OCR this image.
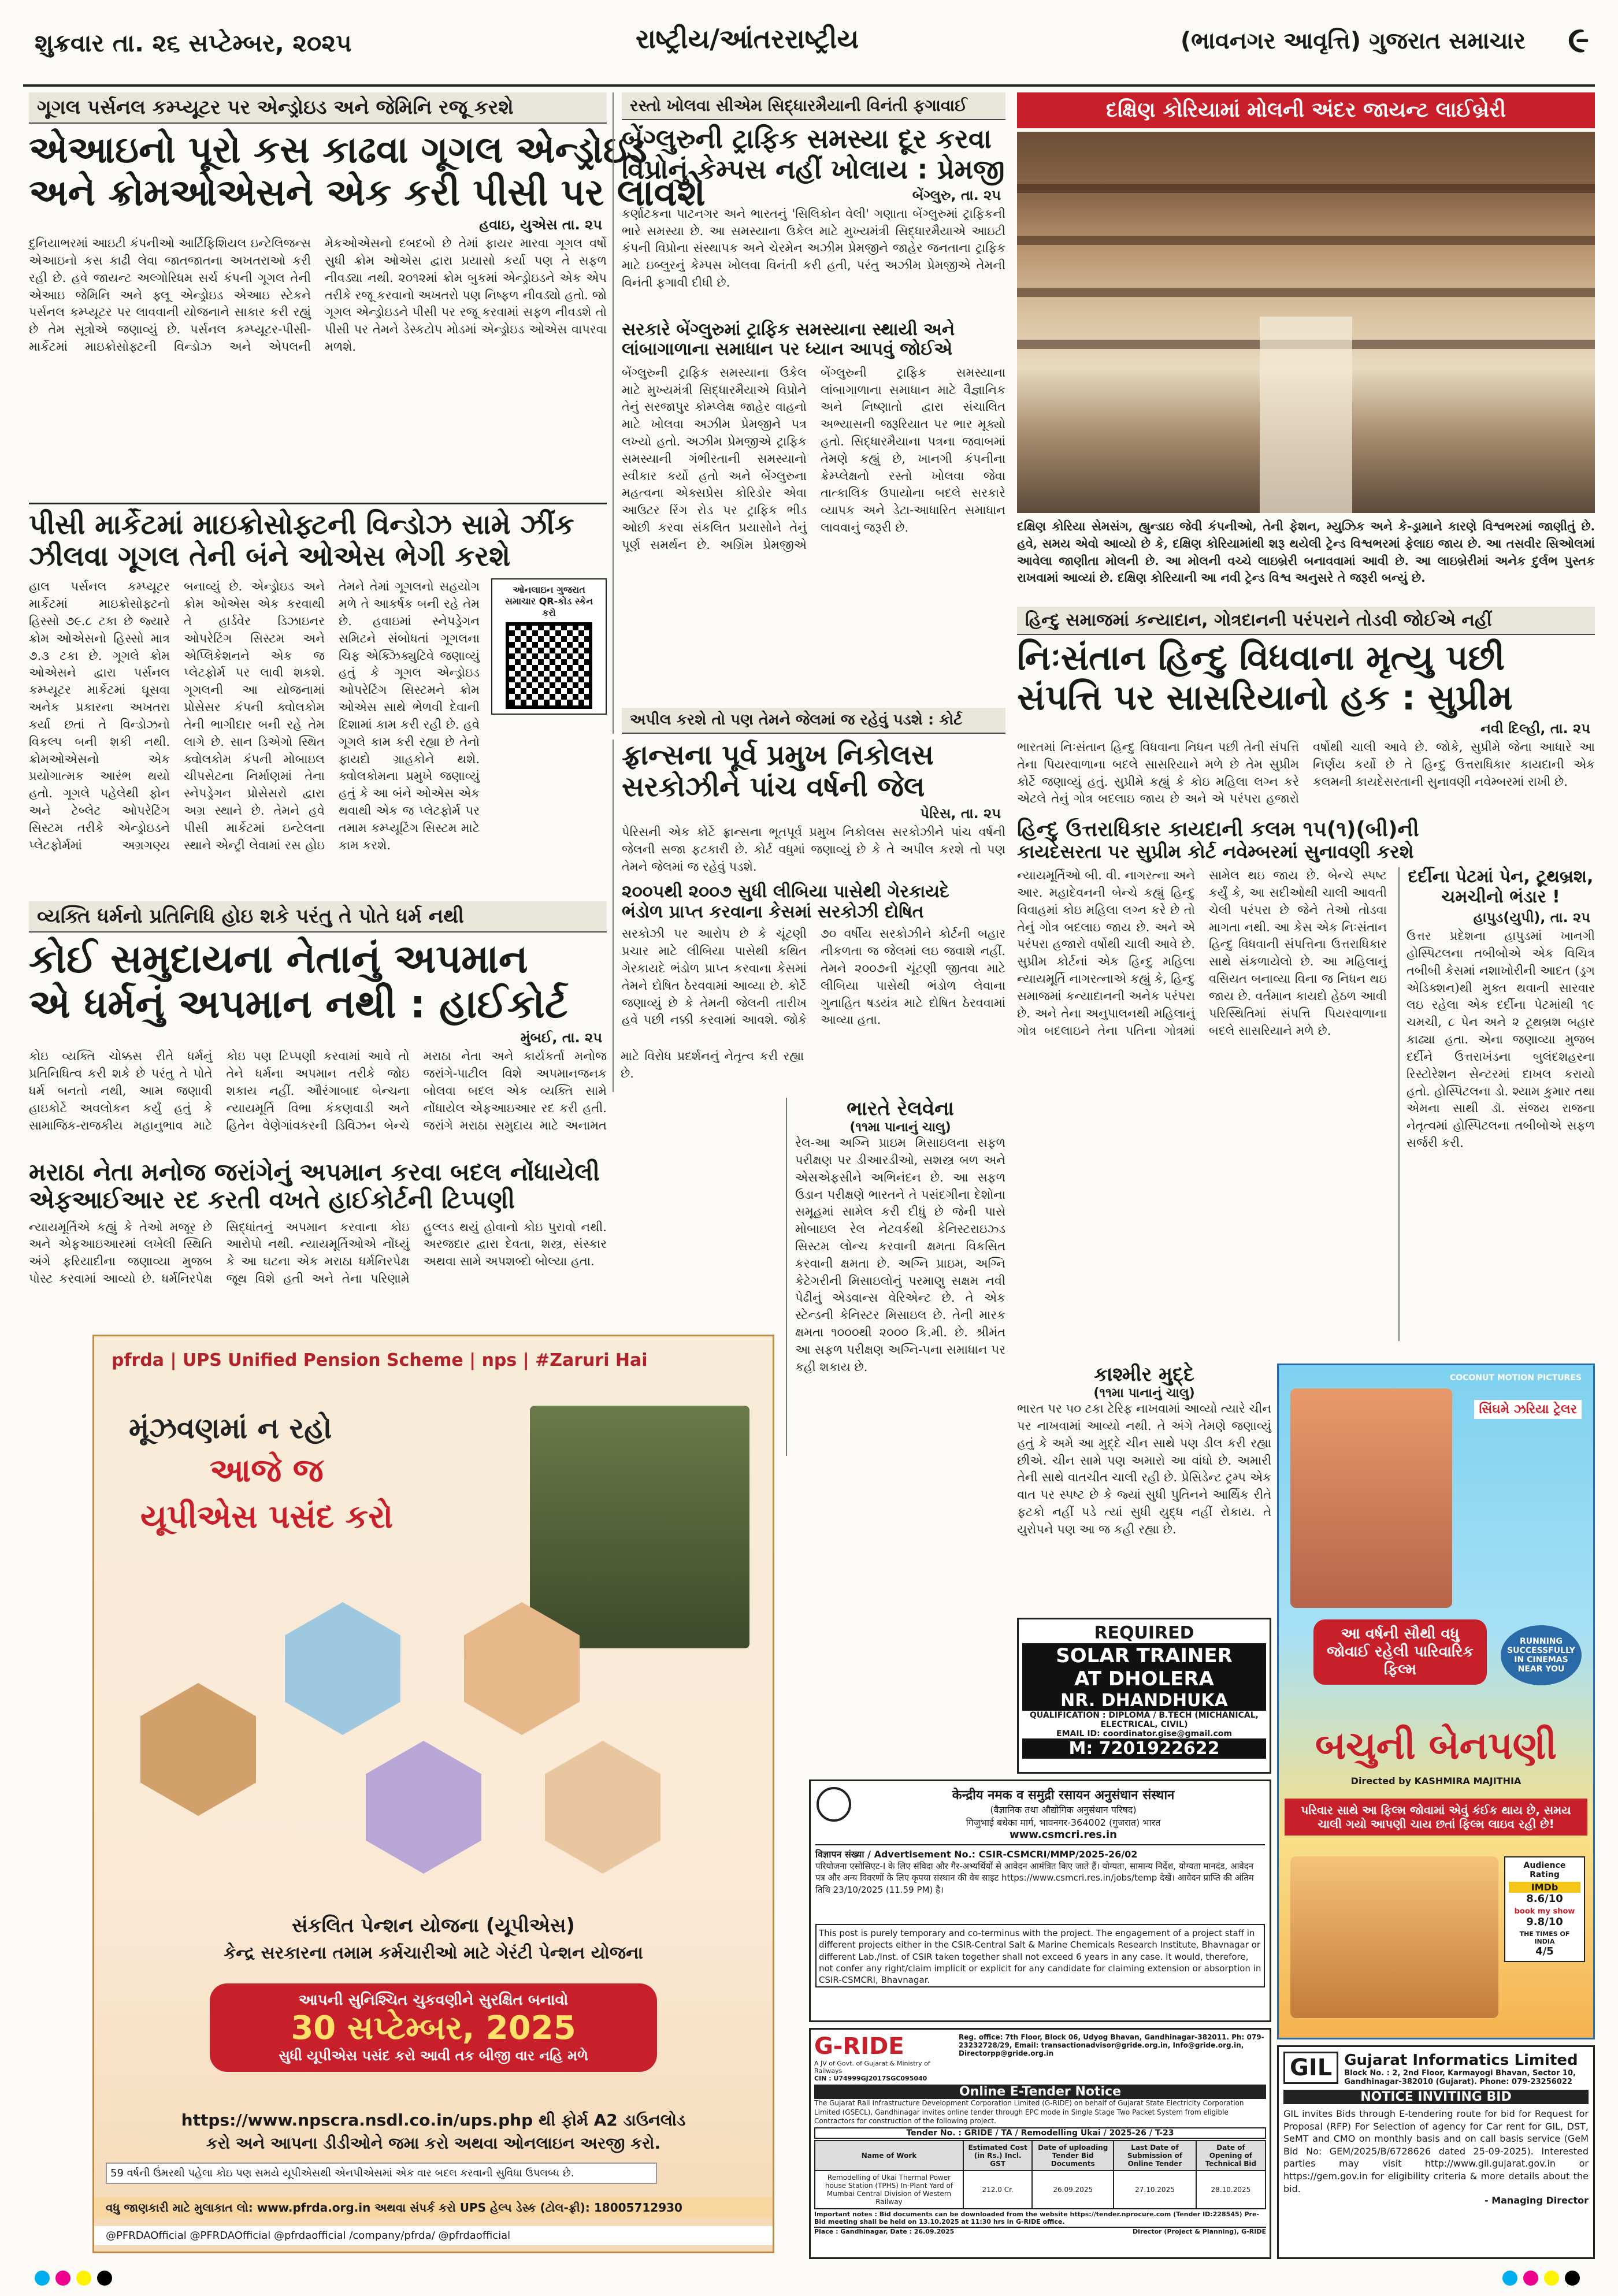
શુક્રવાર તા. ૨૬ સપ્ટેમ્બર, ૨૦૨૫	રાષ્ટ્રીય/આંતરરાષ્ટ્રીય	(ભાવનગર આવૃત્તિ) ગુજરાત સમાચાર ૯
ગૂગલ પર્સનલ કમ્પ્યૂટર પર એન્ડ્રોઇડ અને જેમિનિ રજૂ કરશે
એઆઇનો પૂરો કસ કાઢવા ગૂગલ એન્ડ્રોઇડ
અને ક્રોમઓએસને એક કરી પીસી પર લાવશે
હવાઇ, યુએસ તા. ૨૫
દુનિયાભરમાં આઇટી કંપનીઓ આર્ટિફિશિયલ ઇન્ટેલિજન્સ એઆઇનો કસ કાઢી લેવા જાતજાતના અખતરાઓ કરી રહી છે. હવે જાયન્ટ અલ્ગોરિધમ સર્ચ કંપની ગૂગલ તેની એઆઇ જેમિનિ અને ફ્લૂ એન્ડ્રોઇડ એઆઇ સ્ટેકને પર્સનલ કમ્પ્યૂટર પર લાવવાની યોજનાને સાકાર કરી રહ્યું છે તેમ સૂત્રોએ જણાવ્યું છે. પર્સનલ કમ્પ્યૂટર-પીસી-માર્કેટમાં માઇક્રોસોફ્ટની વિન્ડોઝ અને એપલની મેકઓએસનો દબદબો છે તેમાં ફાયર મારવા ગૂગલ વર્ષો સુધી ક્રોમ ઓએસ દ્વારા પ્રયાસો કર્યા પણ તે સફળ નીવડ્યા નથી. ૨૦૧૨માં ક્રોમ બુકમાં એન્ડ્રોઇડને એક એપ તરીકે રજૂ કરવાનો અખતરો પણ નિષ્ફળ નીવડ્યો હતો. જો ગૂગલ એન્ડ્રોઇડને પીસી પર રજૂ કરવામાં સફળ નીવડશે તો પીસી પર તેમને ડેસ્કટોપ મોડમાં એન્ડ્રોઇડ ઓએસ વાપરવા મળશે.
પીસી માર્કેટમાં માઇક્રોસોફ્ટની વિન્ડોઝ સામે ઝીંક
ઝીલવા ગૂગલ તેની બંને ઓએસ ભેગી કરશે
હાલ પર્સનલ કમ્પ્યૂટર માર્કેટમાં માઇક્રોસોફ્ટનો હિસ્સો ૭૯.૮ ટકા છે જ્યારે ક્રોમ ઓએસનો હિસ્સો માત્ર ૭.૩ ટકા છે. ગૂગલે ક્રોમ ઓએસને દ્વારા પર્સનલ કમ્પ્યૂટર માર્કેટમાં ઘૂસવા અનેક પ્રકારના અખતરા કર્યા છતાં તે વિન્ડોઝનો વિકલ્પ બની શકી નથી. ક્રોમઓએસનો એક પ્રયોગાત્મક આરંભ થયો હતો. ગૂગલે પહેલેથી ફોન અને ટેબ્લેટ ઓપરેટિંગ સિસ્ટમ તરીકે એન્ડ્રોઇડને પ્લેટફોર્મમાં અગ્રગણ્ય બનાવ્યું છે. એન્ડ્રોઇડ અને ક્રોમ ઓએસ એક કરવાથી તે હાર્ડવેર ડિઝાઇનર ઓપરેટિંગ સિસ્ટમ અને એપ્લિકેશનને એક જ પ્લેટફોર્મ પર લાવી શકશે. ગૂગલની આ યોજનામાં પ્રોસેસર કંપની ક્વોલકોમ તેની ભાગીદાર બની રહે તેમ લાગે છે. સાન ડિએગો સ્થિત ક્વોલકોમ કંપની મોબાઇલ ચીપસેટના નિર્માણમાં તેના સ્નેપડ્રેગન પ્રોસેસરો દ્વારા અગ્ર સ્થાને છે. તેમને હવે પીસી માર્કેટમાં ઇન્ટેલના સ્થાને એન્ટ્રી લેવામાં રસ હોઇ તેમને તેમાં ગૂગલનો સહયોગ મળે તે આકર્ષક બની રહે તેમ છે. હવાઇમાં સ્નેપડ્રેગન સમિટને સંબોધતાં ગૂગલના ચિફ એક્ઝિક્યુટિવે જણાવ્યું હતું કે ગૂગલ એન્ડ્રોઇડ ઓપરેટિંગ સિસ્ટમને ક્રોમ ઓએસ સાથે ભેળવી દેવાની દિશામાં કામ કરી રહી છે. હવે ગૂગલે કામ કરી રહ્યા છે તેનો ફાયદો ગ્રાહકોને થશે. ક્વોલકોમના પ્રમુખે જણાવ્યું હતું કે આ બંને ઓએસ એક થવાથી એક જ પ્લેટફોર્મ પર તમામ કમ્પ્યૂટિંગ સિસ્ટમ માટે કામ કરશે.
ઓનલાઇન ગુજરાત સમાચાર QR-કોડ સ્કેન કરો
વ્યક્તિ ધર્મનો પ્રતિનિધિ હોઇ શકે પરંતુ તે પોતે ધર્મ નથી
કોઈ સમુદાયના નેતાનું અપમાન
એ ધર્મનું અપમાન નથી : હાઈકોર્ટ
મુંબઈ, તા. ૨૫
કોઇ વ્યક્તિ ચોક્કસ રીતે ધર્મનું પ્રતિનિધિત્વ કરી શકે છે પરંતુ તે પોતે ધર્મ બનતો નથી, આમ જણાવી હાઇકોર્ટે અવલોકન કર્યું હતું કે સામાજિક-રાજકીય મહાનુભાવ માટે કોઇ પણ ટિપ્પણી કરવામાં આવે તો તેને ધર્મના અપમાન તરીકે જોઇ શકાય નહીં. ઔરંગાબાદ બેન્ચના ન્યાયમૂર્તિ વિભા કંકણવાડી અને હિતેન વેણેગાંવકરની ડિવિઝન બેન્ચે મરાઠા નેતા અને કાર્યકર્તા મનોજ જરાંગે-પાટીલ વિશે અપમાનજનક બોલવા બદલ એક વ્યક્તિ સામે નોંધાયેલ એફઆઇઆર રદ કરી હતી. જરાંગે મરાઠા સમુદાય માટે અનામત માટે વિરોધ પ્રદર્શનનું નેતૃત્વ કરી રહ્યા છે.
મરાઠા નેતા મનોજ જરાંગેનું અપમાન કરવા બદલ નોંધાયેલી
એફઆઈઆર રદ કરતી વખતે હાઈકોર્ટની ટિપ્પણી
ન્યાયમૂર્તિએ કહ્યું કે તેઓ મજૂર છે અને એફઆઇઆરમાં લખેલી સ્થિતિ અંગે ફરિયાદીના જણાવ્યા મુજબ પોસ્ટ કરવામાં આવ્યો છે. ધર્મનિરપેક્ષ સિદ્ધાંતનું અપમાન કરવાના કોઇ આરોપો નથી. ન્યાયમૂર્તિઓએ નોંધ્યું કે આ ઘટના એક મરાઠા ધર્મનિરપેક્ષ જૂથ વિશે હતી અને તેના પરિણામે હુલ્લડ થયું હોવાનો કોઇ પુરાવો નથી. અરજદાર દ્વારા દેવતા, શસ્ત્ર, સંસ્કાર અથવા સામે અપશબ્દો બોલ્યા હતા.
pfrda | UPS Unified Pension Scheme | nps | #Zaruri Hai
મૂંઝવણમાં ન રહો
આજે જ
યૂપીએસ પસંદ કરો
સંકલિત પેન્શન યોજના (યૂપીએસ)
કેન્દ્ર સરકારના તમામ કર્મચારીઓ માટે ગેરંટી પેન્શન યોજના
આપની સુનિશ્ચિત ચુકવણીને સુરક્ષિત બનાવો
30 સપ્ટેમ્બર, 2025
સુધી યૂપીએસ પસંદ કરો આવી તક બીજી વાર નહિ મળે
https://www.npscra.nsdl.co.in/ups.php થી ફોર્મ A2 ડાઉનલોડ
કરો અને આપના ડીડીઓને જમા કરો અથવા ઓનલાઇન અરજી કરો.
59 વર્ષની ઉંમરથી પહેલા કોઇ પણ સમયે યૂપીએસથી એનપીએસમાં એક વાર બદલ કરવાની સુવિધા ઉપલબ્ધ છે.
વધુ જાણકારી માટે મુલાકાત લો: www.pfrda.org.in અથવા સંપર્ક કરો UPS હેલ્પ ડેસ્ક (ટોલ-ફ્રી): 18005712930
@PFRDAOfficial @PFRDAOfficial @pfrdaofficial /company/pfrda/ @pfrdaofficial
રસ્તો ખોલવા સીએમ સિદ્ધારમૈયાની વિનંતી ફગાવાઈ
બેંગ્લુરુની ટ્રાફિક સમસ્યા દૂર કરવા
વિપ્રોનું કેમ્પસ નહીં ખોલાય : પ્રેમજી
બેંગ્લુરુ, તા. ૨૫
કર્ણાટકના પાટનગર અને ભારતનું 'સિલિકોન વેલી' ગણાતા બેંગ્લુરુમાં ટ્રાફિકની ભારે સમસ્યા છે. આ સમસ્યાના ઉકેલ માટે મુખ્યમંત્રી સિદ્ધારમૈયાએ આઇટી કંપની વિપ્રોના સંસ્થાપક અને ચેરમેન અઝીમ પ્રેમજીને જાહેર જનતાના ટ્રાફિક માટે ઇબ્લુરનું કેમ્પસ ખોલવા વિનંતી કરી હતી, પરંતુ અઝીમ પ્રેમજીએ તેમની વિનંતી ફગાવી દીધી છે.
સરકારે બેંગ્લુરુમાં ટ્રાફિક સમસ્યાના સ્થાયી અને
લાંબાગાળાના સમાધાન પર ધ્યાન આપવું જોઈએ
બેંગ્લુરુની ટ્રાફિક સમસ્યાના ઉકેલ માટે મુખ્યમંત્રી સિદ્ધારમૈયાએ વિપ્રોને તેનું સરજાપુર કોમ્પ્લેક્ષ જાહેર વાહનો માટે ખોલવા અઝીમ પ્રેમજીને પત્ર લખ્યો હતો. અઝીમ પ્રેમજીએ ટ્રાફિક સમસ્યાની ગંભીરતાની સમસ્યાનો સ્વીકાર કર્યો હતો અને બેંગ્લુરુના મહત્વના એક્સપ્રેસ કોરિડોર એવા આઉટર રિંગ રોડ પર ટ્રાફિક ભીડ ઓછી કરવા સંકલિત પ્રયાસોને તેનું પૂર્ણ સમર્થન છે. અગ્રિમ પ્રેમજીએ બેંગ્લુરુની ટ્રાફિક સમસ્યાના લાંબાગાળાના સમાધાન માટે વૈજ્ઞાનિક અને નિષ્ણાતો દ્વારા સંચાલિત અભ્યાસની જરૂરિયાત પર ભાર મૂક્યો હતો. સિદ્ધારમૈયાના પત્રના જવાબમાં તેમણે કહ્યું છે, ખાનગી કંપનીના ક્રેમ્પ્લેક્ષનો રસ્તો ખોલવા જેવા તાત્કાલિક ઉપાયોના બદલે સરકારે વ્યાપક અને ડેટા-આધારિત સમાધાન લાવવાનું જરૂરી છે.
અપીલ કરશે તો પણ તેમને જેલમાં જ રહેવું પડશે : કોર્ટ
ફ્રાન્સના પૂર્વ પ્રમુખ નિકોલસ
સરકોઝીને પાંચ વર્ષની જેલ
પેરિસ, તા. ૨૫
પેરિસની એક કોર્ટે ફ્રાન્સના ભૂતપૂર્વ પ્રમુખ નિકોલસ સરકોઝીને પાંચ વર્ષની જેલની સજા ફટકારી છે. કોર્ટ વધુમાં જણાવ્યું છે કે તે અપીલ કરશે તો પણ તેમને જેલમાં જ રહેવું પડશે.
૨૦૦૫થી ૨૦૦૭ સુધી લીબિયા પાસેથી ગેરકાયદે
ભંડોળ પ્રાપ્ત કરવાના કેસમાં સરકોઝી દોષિત
સરકોઝી પર આરોપ છે કે ચૂંટણી પ્રચાર માટે લીબિયા પાસેથી કથિત ગેરકાયદે ભંડોળ પ્રાપ્ત કરવાના કેસમાં તેમને દોષિત ઠેરવવામાં આવ્યા છે. કોર્ટે જણાવ્યું છે કે તેમની જેલની તારીખ હવે પછી નક્કી કરવામાં આવશે. જોકે ૭૦ વર્ષીય સરકોઝીને કોર્ટની બહાર નીકળતા જ જેલમાં લઇ જવાશે નહીં. તેમને ૨૦૦૭ની ચૂંટણી જીતવા માટે લીબિયા પાસેથી ભંડોળ લેવાના ગુનાહિત ષડયંત્ર માટે દોષિત ઠેરવવામાં આવ્યા હતા.
ભારતે રેલવેના
(૧૧મા પાનાનું ચાલુ)
રેલ-આ અગ્નિ પ્રાઇમ મિસાઇલના સફળ પરીક્ષણ પર ડીઆરડીઓ, સશસ્ત્ર બળ અને એસએફસીને અભિનંદન છે. આ સફળ ઉડાન પરીક્ષણે ભારતને તે પસંદગીના દેશોના સમૂહમાં સામેલ કરી દીધું છે જેની પાસે મોબાઇલ રેલ નેટવર્કથી કેનિસ્ટરાઇઝ્ડ સિસ્ટમ લોન્ચ કરવાની ક્ષમતા વિકસિત કરવાની ક્ષમતા છે. અગ્નિ પ્રાઇમ, અગ્નિ કેટેગરીની મિસાઇલોનું પરમાણુ સક્ષમ નવી પેઢીનું એડવાન્સ વેરિએન્ટ છે. તે એક સ્ટેન્ડની કેનિસ્ટર મિસાઇલ છે. તેની મારક ક્ષમતા ૧૦૦૦થી ૨૦૦૦ કિ.મી. છે. શ્રીમંત આ સફળ પરીક્ષણ અગ્નિ-૫ના સમાધાન પર કહી શકાય છે.
દક્ષિણ કોરિયામાં મોલની અંદર જાયન્ટ લાઈબ્રેરી
દક્ષિણ કોરિયા સેમસંગ, હ્યુન્ડાઇ જેવી કંપનીઓ, તેની ફેશન, મ્યુઝિક અને કે-ડ્રામાને કારણે વિશ્વભરમાં જાણીતું છે. હવે, સમય એવો આવ્યો છે કે, દક્ષિણ કોરિયામાંથી શરૂ થયેલી ટ્રેન્ડ વિશ્વભરમાં ફેલાઇ જાય છે. આ તસવીર સિઓલમાં આવેલા જાણીતા મોલની છે. આ મોલની વચ્ચે લાઇબ્રેરી બનાવવામાં આવી છે. આ લાઇબ્રેરીમાં અનેક દુર્લભ પુસ્તક રાખવામાં આવ્યાં છે. દક્ષિણ કોરિયાની આ નવી ટ્રેન્ડ વિશ્વ અનુસરે તે જરૂરી બન્યું છે.
હિન્દુ સમાજમાં કન્યાદાન, ગોત્રદાનની પરંપરાને તોડવી જોઈએ નહીં
નિઃસંતાન હિન્દુ વિધવાના મૃત્યુ પછી
સંપત્તિ પર સાસરિયાનો હક : સુપ્રીમ
નવી દિલ્હી, તા. ૨૫
ભારતમાં નિઃસંતાન હિન્દુ વિધવાના નિધન પછી તેની સંપત્તિ તેના પિયરવાળાના બદલે સાસરિયાને મળે છે તેમ સુપ્રીમ કોર્ટે જણાવ્યું હતું. સુપ્રીમે કહ્યું કે કોઇ મહિલા લગ્ન કરે એટલે તેનું ગોત્ર બદલાઇ જાય છે અને એ પરંપરા હજારો વર્ષોથી ચાલી આવે છે. જોકે, સુપ્રીમે જેના આધારે આ નિર્ણય કર્યો છે તે હિન્દુ ઉત્તરાધિકાર કાયદાની એક કલમની કાયદેસરતાની સુનાવણી નવેમ્બરમાં રાખી છે.
હિન્દુ ઉત્તરાધિકાર કાયદાની કલમ ૧૫(૧)(બી)ની
કાયદેસરતા પર સુપ્રીમ કોર્ટ નવેમ્બરમાં સુનાવણી કરશે
ન્યાયમૂર્તિઓ બી. વી. નાગરત્ના અને આર. મહાદેવનની બેન્ચે કહ્યું હિન્દુ વિવાહમાં કોઇ મહિલા લગ્ન કરે છે તો તેનું ગોત્ર બદલાઇ જાય છે. અને એ પરંપરા હજારો વર્ષોથી ચાલી આવે છે. સુપ્રીમ કોર્ટનાં એક હિન્દુ મહિલા ન્યાયમૂર્તિ નાગરત્નાએ કહ્યું કે, હિન્દુ સમાજમાં કન્યાદાનની અનેક પરંપરા છે. અને તેના અનુપાલનથી મહિલાનું ગોત્ર બદલાઇને તેના પતિના ગોત્રમાં સામેલ થઇ જાય છે. બેન્ચે સ્પષ્ટ કર્યું કે, આ સદીઓથી ચાલી આવતી ચેલી પરંપરા છે જેને તેઓ તોડવા માગતા નથી. આ કેસ એક નિઃસંતાન હિન્દુ વિધવાની સંપત્તિના ઉત્તરાધિકાર સાથે સંકળાયેલો છે. આ મહિલાનું વસિયત બનાવ્યા વિના જ નિધન થઇ જાય છે. વર્તમાન કાયદો હેઠળ આવી પરિસ્થિતિમાં સંપત્તિ પિયરવાળાના બદલે સાસરિયાને મળે છે.
દર્દીના પેટમાં પેન, ટૂથબ્રશ, ચમચીનો ભંડાર !
હાપુડ(યુપી), તા. ૨૫
ઉત્તર પ્રદેશના હાપુડમાં ખાનગી હોસ્પિટલના તબીબોએ એક વિચિત્ર તબીબી કેસમાં નશાખોરીની આદત (ડ્રગ એડિક્શન)થી મુક્ત થવાની સારવાર લઇ રહેલા એક દર્દીના પેટમાંથી ૧૯ ચમચી, ૮ પેન અને ૨ ટૂથબ્રશ બહાર કાઢ્યા હતા. એના જણાવ્યા મુજબ દર્દીને ઉત્તરાખંડના બુલંદશહરના રિસ્ટોરેશન સેન્ટરમાં દાખલ કરાયો હતો. હોસ્પિટલના ડો. શ્યામ કુમાર તથા એમના સાથી ડૉ. સંજય રાજના નેતૃત્વમાં હોસ્પિટલના તબીબોએ સફળ સર્જરી કરી.
કાશ્મીર મુદ્દે
(૧૧મા પાનાનું ચાલુ)
ભારત પર ૫૦ ટકા ટેરિફ નાખવામાં આવ્યો ત્યારે ચીન પર નાખવામાં આવ્યો નથી. તે અંગે તેમણે જણાવ્યું હતું કે અમે આ મુદ્દે ચીન સાથે પણ ડીલ કરી રહ્યા છીએ. ચીન સામે પણ અમારો આ વાંધો છે. અમારી તેની સાથે વાતચીત ચાલી રહી છે. પ્રેસિડેન્ટ ટ્રમ્પ એક વાત પર સ્પષ્ટ છે કે જ્યાં સુધી પુતિનને આર્થિક રીતે ફટકો નહીં પડે ત્યાં સુધી યુદ્ધ નહીં રોકાય. તે યુરોપને પણ આ જ કહી રહ્યા છે.
REQUIRED
SOLAR TRAINER
AT DHOLERA
NR. DHANDHUKA
QUALIFICATION : DIPLOMA / B.TECH (MICHANICAL, ELECTRICAL, CIVIL)
EMAIL ID: coordinator.gise@gmail.com
M: 7201922622
केन्द्रीय नमक व समुद्री रसायन अनुसंधान संस्थान
(वैज्ञानिक तथा औद्योगिक अनुसंधान परिषद)
गिजुभाई बधेका मार्ग, भावनगर-364002 (गुजरात) भारत
www.csmcri.res.in
विज्ञापन संख्या / Advertisement No.: CSIR-CSMCRI/MMP/2025-26/02
परियोजना एसोसिएट-I के लिए संविदा और गैर-अभ्यर्थियों से आवेदन आमंत्रित किए जाते हैं। योग्यता, सामान्य निर्देश, योग्यता मानदंड, आवेदन पत्र और अन्य विवरणों के लिए कृपया संस्थान की वेब साइट https://www.csmcri.res.in/jobs/temp देखें। आवेदन प्राप्ति की अंतिम तिथि 23/10/2025 (11.59 PM) है।
This post is purely temporary and co-terminus with the project. The engagement of a project staff in different projects either in the CSIR-Central Salt & Marine Chemicals Research Institute, Bhavnagar or different Lab./Inst. of CSIR taken together shall not exceed 6 years in any case. It would, therefore, not confer any right/claim implicit or explicit for any candidate for claiming extension or absorption in CSIR-CSMCRI, Bhavnagar.
G-RIDE
A JV of Govt. of Gujarat & Ministry of Railways
CIN : U74999GJ2017SGC095040
Reg. office: 7th Floor, Block 06, Udyog Bhavan, Gandhinagar-382011. Ph: 079-23232728/29, Email: transactionadvisor@gride.org.in, Info@gride.org.in, Directorpp@gride.org.in
Online E-Tender Notice
The Gujarat Rail Infrastructure Development Corporation Limited (G-RIDE) on behalf of Gujarat State Electricity Corporation Limited (GSECL), Gandhinagar invites online tender through EPC mode in Single Stage Two Packet System from eligible Contractors for construction of the following project.
Tender No. : GRIDE / TA / Remodelling Ukai / 2025-26 / T-23
Name of Work	Estimated Cost (in Rs.) Incl. GST	Date of uploading Tender Bid Documents	Last Date of Submission of Online Tender	Date of Opening of Technical Bid
Remodelling of Ukai Thermal Power house Station (TPHS) In-Plant Yard of Mumbai Central Division of Western Railway	212.0 Cr.	26.09.2025	27.10.2025	28.10.2025
Important notes : Bid documents can be downloaded from the website https://tender.nprocure.com (Tender ID:228545) Pre-Bid meeting shall be held on 13.10.2025 at 11:30 hrs in G-RIDE office.
Place : Gandhinagar, Date : 26.09.2025	Director (Project & Planning), G-RIDE
COCONUT MOTION PICTURES
સિંઘમે ઝરિયા ટ્રેલર
આ વર્ષની સૌથી વધુ જોવાઈ રહેલી પારિવારિક ફિલ્મ
RUNNING SUCCESSFULLY IN CINEMAS NEAR YOU
બચુની બેનપણી
Directed by KASHMIRA MAJITHIA
પરિવાર સાથે આ ફિલ્મ જોવામાં એવું કંઈક થાય છે, સમય ચાલી ગયો આપણી ચાય છતાં ફિલ્મ લાઇવ રહી છે!
Audience Rating
IMDb
8.6/10
book my show
9.8/10
THE TIMES OF INDIA
4/5
GIL Gujarat Informatics Limited
Block No. : 2, 2nd Floor, Karmayogi Bhavan, Sector 10, Gandhinagar-382010 (Gujarat). Phone: 079-23256022
NOTICE INVITING BID
GIL invites Bids through E-tendering route for bid for Request for Proposal (RFP) For Selection of agency for Car rent for GIL, DST, SeMT and CMO on monthly basis and on call basis service (GeM Bid No: GEM/2025/B/6728626 dated 25-09-2025). Interested parties may visit http://www.gil.gujarat.gov.in or https://gem.gov.in for eligibility criteria & more details about the bid.
- Managing Director
